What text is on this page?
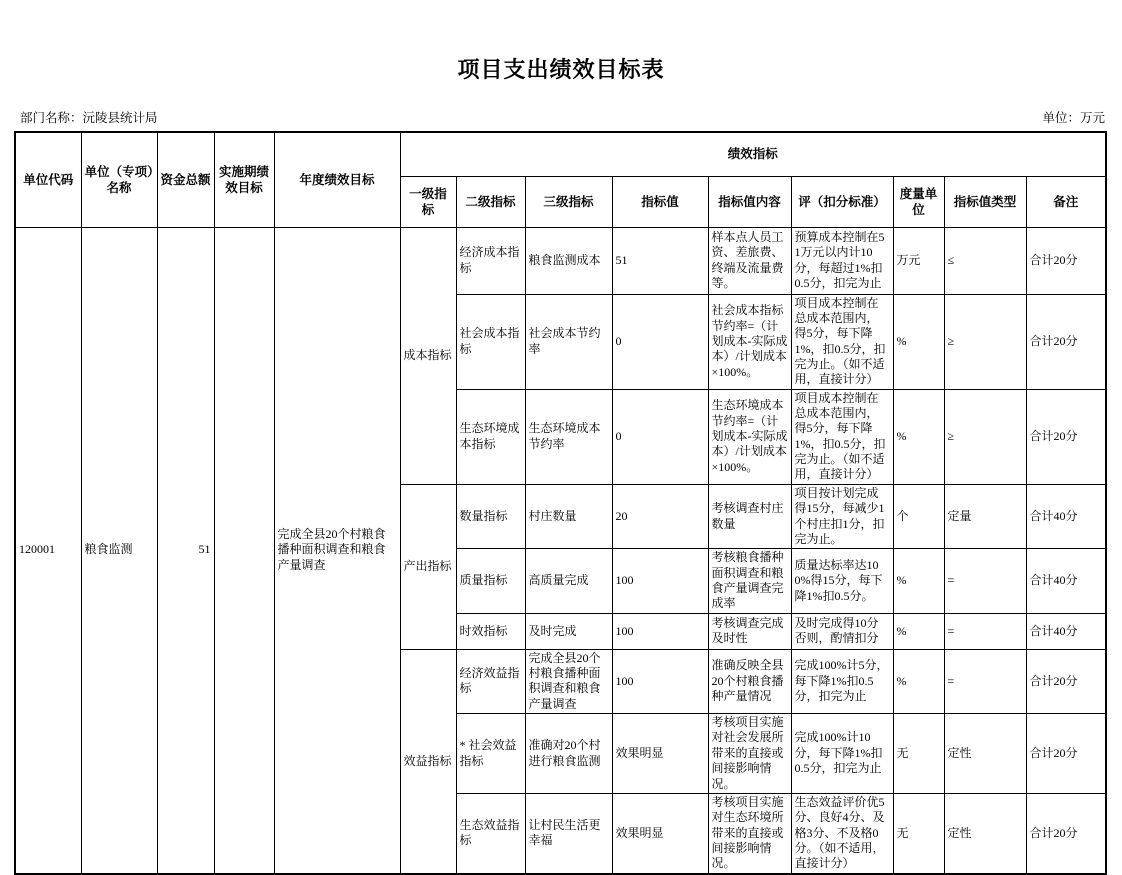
项目支出绩效目标表
部门名称：沅陵县统计局	单位：万元
单位代码	单位（专项）名称	资金总额	实施期绩效目标	年度绩效目标	绩效指标								
					一级指标	二级指标	三级指标	指标值	指标值内容	评（扣分标准）	度量单位	指标值类型	备注
120001	粮食监测	51		完成全县20个村粮食播种面积调查和粮食产量调查	成本指标	经济成本指标	粮食监测成本	51	样本点人员工资、差旅费、终端及流量费等。	预算成本控制在51万元以内计10分，每超过1%扣0.5分，扣完为止	万元	≤	合计20分
						社会成本指标	社会成本节约率	0	社会成本指标节约率=（计划成本-实际成本）/计划成本×100%。	项目成本控制在总成本范围内，得5分，每下降1%，扣0.5分，扣完为止。（如不适用，直接计分）	%	≥	合计20分
						生态环境成本指标	生态环境成本节约率	0	生态环境成本节约率=（计划成本-实际成本）/计划成本×100%。	项目成本控制在总成本范围内，得5分，每下降1%，扣0.5分，扣完为止。（如不适用，直接计分）	%	≥	合计20分
					产出指标	数量指标	村庄数量	20	考核调查村庄数量	项目按计划完成得15分，每减少1个村庄扣1分，扣完为止。	个	定量	合计40分
						质量指标	高质量完成	100	考核粮食播种面积调查和粮食产量调查完成率	质量达标率达100%得15分，每下降1%扣0.5分。	%	=	合计40分
						时效指标	及时完成	100	考核调查完成及时性	及时完成得10分否则，酌情扣分	%	=	合计40分
					效益指标	经济效益指标	完成全县20个村粮食播种面积调查和粮食产量调查	100	准确反映全县20个村粮食播种产量情况	完成100%计5分，每下降1%扣0.5分，扣完为止	%	=	合计20分
						* 社会效益指标	准确对20个村进行粮食监测	效果明显	考核项目实施对社会发展所带来的直接或间接影响情况。	完成100%计10分，每下降1%扣0.5分，扣完为止	无	定性	合计20分
						生态效益指标	让村民生活更幸福	效果明显	考核项目实施对生态环境所带来的直接或间接影响情况。	生态效益评价优5分、良好4分、及格3分、不及格0分。（如不适用，直接计分）	无	定性	合计20分
